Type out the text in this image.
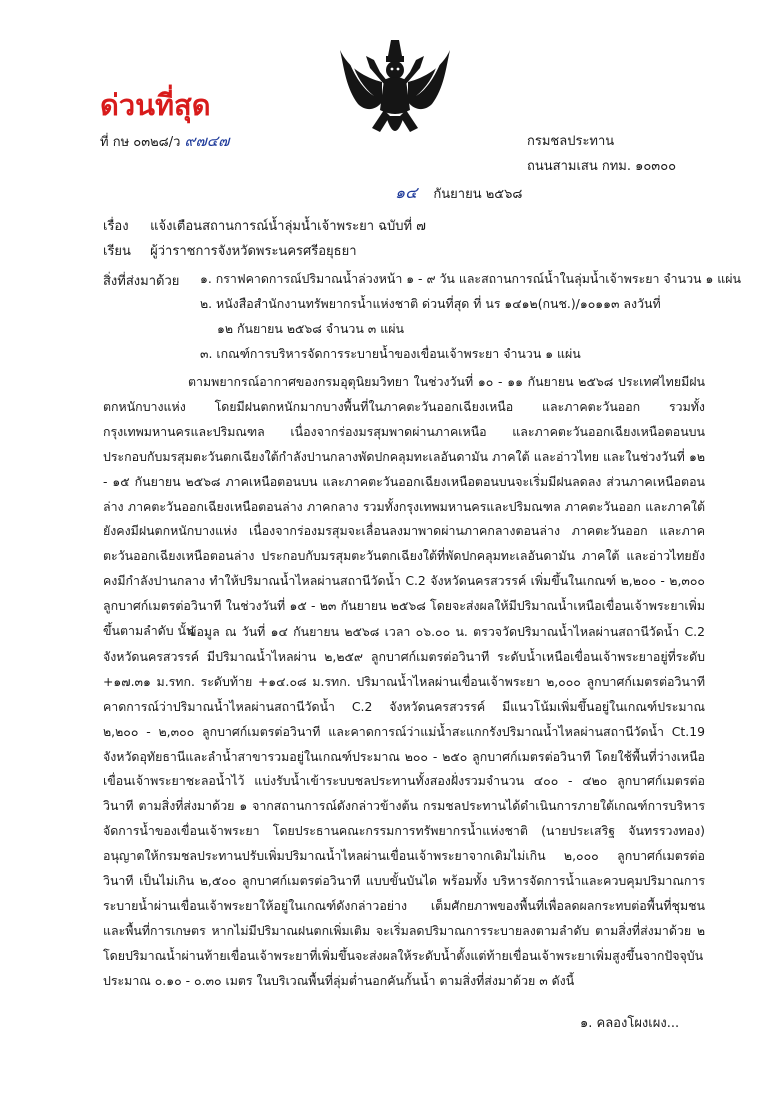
ด่วนที่สุด
ที่ กษ ๐๓๒๘/ว ๙๗๔๗	กรมชลประทาน
ถนนสามเสน กทม. ๑๐๓๐๐
๑๔ กันยายน ๒๕๖๘
เรื่อง แจ้งเตือนสถานการณ์น้ำลุ่มน้ำเจ้าพระยา ฉบับที่ ๗
เรียน ผู้ว่าราชการจังหวัดพระนครศรีอยุธยา
สิ่งที่ส่งมาด้วย ๑. กราฟคาดการณ์ปริมาณน้ำล่วงหน้า ๑ - ๙ วัน และสถานการณ์น้ำในลุ่มน้ำเจ้าพระยา จำนวน ๑ แผ่น
๒. หนังสือสำนักงานทรัพยากรน้ำแห่งชาติ ด่วนที่สุด ที่ นร ๑๔๑๒(กนช.)/๑๐๑๑๓ ลงวันที่
๑๒ กันยายน ๒๕๖๘ จำนวน ๓ แผ่น
๓. เกณฑ์การบริหารจัดการระบายน้ำของเขื่อนเจ้าพระยา จำนวน ๑ แผ่น

ตามพยากรณ์อากาศของกรมอุตุนิยมวิทยา ในช่วงวันที่ ๑๐ - ๑๑ กันยายน ๒๕๖๘ ประเทศไทยมีฝนตกหนักบางแห่ง โดยมีฝนตกหนักมากบางพื้นที่ในภาคตะวันออกเฉียงเหนือ และภาคตะวันออก รวมทั้งกรุงเทพมหานครและปริมณฑล เนื่องจากร่องมรสุมพาดผ่านภาคเหนือ และภาคตะวันออกเฉียงเหนือตอนบน ประกอบกับมรสุมตะวันตกเฉียงใต้กำลังปานกลางพัดปกคลุมทะเลอันดามัน ภาคใต้ และอ่าวไทย และในช่วงวันที่ ๑๒ - ๑๕ กันยายน ๒๕๖๘ ภาคเหนือตอนบน และภาคตะวันออกเฉียงเหนือตอนบนจะเริ่มมีฝนลดลง ส่วนภาคเหนือตอนล่าง ภาคตะวันออกเฉียงเหนือตอนล่าง ภาคกลาง รวมทั้งกรุงเทพมหานครและปริมณฑล ภาคตะวันออก และภาคใต้ยังคงมีฝนตกหนักบางแห่ง เนื่องจากร่องมรสุมจะเลื่อนลงมาพาดผ่านภาคกลางตอนล่าง ภาคตะวันออก และภาคตะวันออกเฉียงเหนือตอนล่าง ประกอบกับมรสุมตะวันตกเฉียงใต้ที่พัดปกคลุมทะเลอันดามัน ภาคใต้ และอ่าวไทยยังคงมีกำลังปานกลาง ทำให้ปริมาณน้ำไหลผ่านสถานีวัดน้ำ C.2 จังหวัดนครสวรรค์ เพิ่มขึ้นในเกณฑ์ ๒,๒๐๐ - ๒,๓๐๐ ลูกบาศก์เมตรต่อวินาที ในช่วงวันที่ ๑๕ - ๒๓ กันยายน ๒๕๖๘ โดยจะส่งผลให้มีปริมาณน้ำเหนือเขื่อนเจ้าพระยาเพิ่มขึ้นตามลำดับ นั้น

ข้อมูล ณ วันที่ ๑๔ กันยายน ๒๕๖๘ เวลา ๐๖.๐๐ น. ตรวจวัดปริมาณน้ำไหลผ่านสถานีวัดน้ำ C.2 จังหวัดนครสวรรค์ มีปริมาณน้ำไหลผ่าน ๒,๒๕๙ ลูกบาศก์เมตรต่อวินาที ระดับน้ำเหนือเขื่อนเจ้าพระยาอยู่ที่ระดับ +๑๗.๓๑ ม.รทก. ระดับท้าย +๑๔.๐๘ ม.รทก. ปริมาณน้ำไหลผ่านเขื่อนเจ้าพระยา ๒,๐๐๐ ลูกบาศก์เมตรต่อวินาที คาดการณ์ว่าปริมาณน้ำไหลผ่านสถานีวัดน้ำ C.2 จังหวัดนครสวรรค์ มีแนวโน้มเพิ่มขึ้นอยู่ในเกณฑ์ประมาณ ๒,๒๐๐ - ๒,๓๐๐ ลูกบาศก์เมตรต่อวินาที และคาดการณ์ว่าแม่น้ำสะแกกรังปริมาณน้ำไหลผ่านสถานีวัดน้ำ Ct.19 จังหวัดอุทัยธานีและลำน้ำสาขารวมอยู่ในเกณฑ์ประมาณ ๒๐๐ - ๒๕๐ ลูกบาศก์เมตรต่อวินาที โดยใช้พื้นที่ว่างเหนือเขื่อนเจ้าพระยาชะลอน้ำไว้ แบ่งรับน้ำเข้าระบบชลประทานทั้งสองฝั่งรวมจำนวน ๔๐๐ - ๔๒๐ ลูกบาศก์เมตรต่อวินาที ตามสิ่งที่ส่งมาด้วย ๑ จากสถานการณ์ดังกล่าวข้างต้น กรมชลประทานได้ดำเนินการภายใต้เกณฑ์การบริหารจัดการน้ำของเขื่อนเจ้าพระยา โดยประธานคณะกรรมการทรัพยากรน้ำแห่งชาติ (นายประเสริฐ จันทรรวงทอง) อนุญาตให้กรมชลประทานปรับเพิ่มปริมาณน้ำไหลผ่านเขื่อนเจ้าพระยาจากเดิมไม่เกิน ๒,๐๐๐ ลูกบาศก์เมตรต่อวินาที เป็นไม่เกิน ๒,๕๐๐ ลูกบาศก์เมตรต่อวินาที แบบขั้นบันได พร้อมทั้ง บริหารจัดการน้ำและควบคุมปริมาณการระบายน้ำผ่านเขื่อนเจ้าพระยาให้อยู่ในเกณฑ์ดังกล่าวอย่าง เต็มศักยภาพของพื้นที่เพื่อลดผลกระทบต่อพื้นที่ชุมชนและพื้นที่การเกษตร หากไม่มีปริมาณฝนตกเพิ่มเติม จะเริ่มลดปริมาณการระบายลงตามลำดับ ตามสิ่งที่ส่งมาด้วย ๒ โดยปริมาณน้ำผ่านท้ายเขื่อนเจ้าพระยาที่เพิ่มขึ้นจะส่งผลให้ระดับน้ำตั้งแต่ท้ายเขื่อนเจ้าพระยาเพิ่มสูงขึ้นจากปัจจุบันประมาณ ๐.๑๐ - ๐.๓๐ เมตร ในบริเวณพื้นที่ลุ่มต่ำนอกคันกั้นน้ำ ตามสิ่งที่ส่งมาด้วย ๓ ดังนี้

๑. คลองโผงเผง...
